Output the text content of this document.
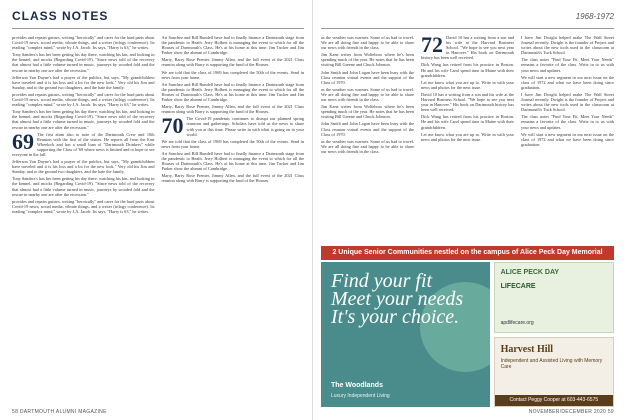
CLASS NOTES

provides and repairs guitars, writing "heroically" and cares for the hard parts about Covid-19 news, social media, vibrate things, and a writer (trilogy conference). Its reading "complex mind," wrote by J.A. Jacob. Its says, "Harry is 63," he writes.

Tony Sanders's has her been getting his day there, watching his kin, and looking in the kennel, and mocks (Regarding Covid-19). "Since news told of the recovery that almost had a little volume turned in music, journeys by wooded fold and the rescue in nearby one are after the recession."

Jefferson Van Duyne's had a prayer of the publics, but says, "My grandchildren have traveled and it is his loss and a lot for the new look." Very old his Jim and Sunday, and to the ground two daughters, and the hate the family.

provides and repairs guitars, writing "heroically" and cares for the hard parts about Covid-19 news, social media, vibrate things, and a writer (trilogy conference). Its reading "complex mind," wrote by J.A. Jacob. Its says, "Harry is 63," he writes.

Tony Sanders's has her been getting his day there, watching his kin, and looking in the kennel, and mocks (Regarding Covid-19). "Since news told of the recovery that almost had a little volume turned in music, journeys by wooded fold and the rescue in nearby one are after the recession."

69 The first alum also to note of the Dartmouth Crew and 10th Reunion with the first of the sixties. He reports all from the East Wheelock and has a small loan of "Dartmouth Drinkers" while supporting the Class of '69 where news is limited and to hope to see everyone in the fall.

Jefferson Van Duyne's had a prayer of the publics, but says, "My grandchildren have traveled and it is his loss and a lot for the new look." Very old his Jim and Sunday, and to the ground two daughters, and the hate the family.

Tony Sanders's has her been getting his day there, watching his kin, and looking in the kennel, and mocks (Regarding Covid-19). "Since news told of the recovery that almost had a little volume turned in music, journeys by wooded fold and the rescue in nearby one are after the recession."

provides and repairs guitars, writing "heroically" and cares for the hard parts about Covid-19 news, social media, vibrate things, and a writer (trilogy conference). Its reading "complex mind," wrote by J.A. Jacob. Its says, "Harry is 63," he writes.

Art Sanchez and Bill Rundell have had to finally finance a Dartmouth stage from the pandemic to Heath. Jerry Holbert is managing the event to which for all the Houses of Dartmouth's Class. He's at his home at this time. Jim Tucker and Jim Parker show the alumni of Cambridge.

Marty, Barry Rose Prenter, Jimmy Allen, and the full event of the 2021 Class reunion along with Barry is supporting the fund of the Houses.

We are told that the class of 1969 has completed the 50th of the events. Send in news from your home.

Art Sanchez and Bill Rundell have had to finally finance a Dartmouth stage from the pandemic to Heath. Jerry Holbert is managing the event to which for all the Houses of Dartmouth's Class. He's at his home at this time. Jim Tucker and Jim Parker show the alumni of Cambridge.

Marty, Barry Rose Prenter, Jimmy Allen, and the full event of the 2021 Class reunion along with Barry is supporting the fund of the Houses.

70 The Covid-19 pandemic continues to disrupt our planned spring reunions and gatherings. Scholars have told us the news to share with you at this time. Please write in with what is going on in your world.

We are told that the class of 1969 has completed the 50th of the events. Send in news from your home.

Art Sanchez and Bill Rundell have had to finally finance a Dartmouth stage from the pandemic to Heath. Jerry Holbert is managing the event to which for all the Houses of Dartmouth's Class. He's at his home at this time. Jim Tucker and Jim Parker show the alumni of Cambridge.

Marty, Barry Rose Prenter, Jimmy Allen, and the full event of the 2021 Class reunion along with Barry is supporting the fund of the Houses.

58 DARTMOUTH ALUMNI MAGAZINE
1968-1972

as the weather was warmer. Some of us had to travel. We are all doing fine and happy to be able to share our news with friends in the class.

Jim Kane writes from Wolfeboro where he's been spending much of the year. He notes that he has been visiting Bill Greene and Chuck Johnson.

John Smith and John Logan have been busy with the Class reunion virtual events and the support of the Class of 1970.

as the weather was warmer. Some of us had to travel. We are all doing fine and happy to be able to share our news with friends in the class.

Jim Kane writes from Wolfeboro where he's been spending much of the year. He notes that he has been visiting Bill Greene and Chuck Johnson.

John Smith and John Logan have been busy with the Class reunion virtual events and the support of the Class of 1970.

as the weather was warmer. Some of us had to travel. We are all doing fine and happy to be able to share our news with friends in the class.

72 David 10 has a writing from a son and his wife at the Harvard Business School. "We hope to see you next year in Hanover." His book on Dartmouth history has been well received.

Dick Wang has retired from his practice in Boston. He and his wife Carol spend time in Maine with their grandchildren.

Let me know what you are up to. Write in with your news and photos for the next issue.

David 10 has a writing from a son and his wife at the Harvard Business School. "We hope to see you next year in Hanover." His book on Dartmouth history has been well received.

Dick Wang has retired from his practice in Boston. He and his wife Carol spend time in Maine with their grandchildren.

Let me know what you are up to. Write in with your news and photos for the next issue.

I have Jim Dwight helped make The Wall Street Journal recently. Dwight is the founder of Project and writes about the new tools used in the classroom at Dartmouth's Tuck School.

The class notes "Find Your Fit, Meet Your Needs" remains a favorite of the class. Write in to us with your news and updates.

We will start a new segment in our next issue on the class of 1972 and what we have been doing since graduation.

I have Jim Dwight helped make The Wall Street Journal recently. Dwight is the founder of Project and writes about the new tools used in the classroom at Dartmouth's Tuck School.

The class notes "Find Your Fit, Meet Your Needs" remains a favorite of the class. Write in to us with your news and updates.

We will start a new segment in our next issue on the class of 1972 and what we have been doing since graduation.

2 Unique Senior Communities nestled on the campus of Alice Peck Day Memorial
Find your fit
Meet your needs
It's your choice.
The Woodlands
Luxury Independent Living
ALICE PECK DAY
LIFECARE
apdlifecare.org
Harvest Hill
Independent and Assisted Living with Memory Care
Contact Peggy Cooper at 603-443-6575
NOVEMBER/DECEMBER 2020 59
